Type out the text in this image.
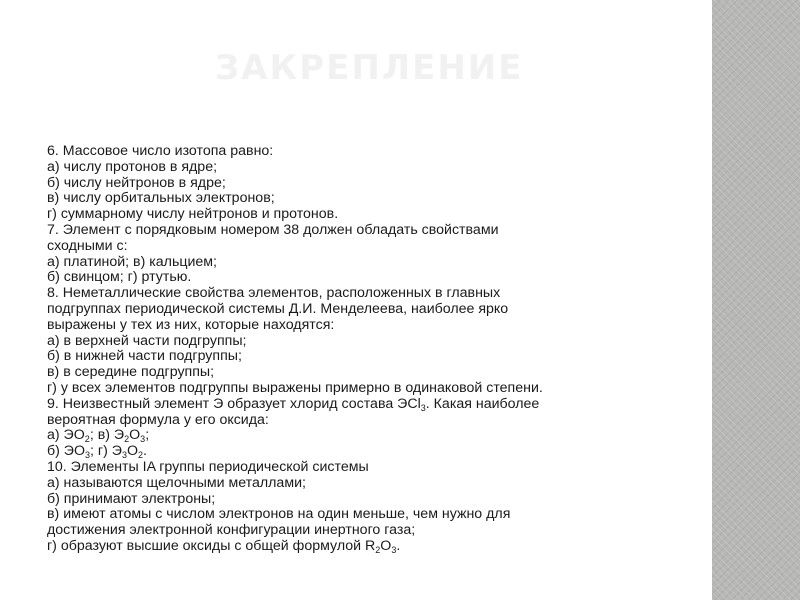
ЗАКРЕПЛЕНИЕ
6. Массовое число изотопа равно:
а) числу протонов в ядре;
б) числу нейтронов в ядре;
в) числу орбитальных электронов;
г) суммарному числу нейтронов и протонов.
7. Элемент с порядковым номером 38 должен обладать свойствами
сходными с:
а) платиной; в) кальцием;
б) свинцом; г) ртутью.
8. Неметаллические свойства элементов, расположенных в главных
подгруппах периодической системы Д.И. Менделеева, наиболее ярко
выражены у тех из них, которые находятся:
а) в верхней части подгруппы;
б) в нижней части подгруппы;
в) в середине подгруппы;
г) у всех элементов подгруппы выражены примерно в одинаковой степени.
9. Неизвестный элемент Э образует хлорид состава ЭCl$_3$. Какая наиболее
вероятная формула у его оксида:
а) $ЭО_2$; в) $Э_2O_3$;
б) $ЭО_3$; г) $Э_3O_2$.
10. Элементы IA группы периодической системы
а) называются щелочными металлами;
б) принимают электроны;
в) имеют атомы с числом электронов на один меньше, чем нужно для
достижения электронной конфигурации инертного газа;
г) образуют высшие оксиды с общей формулой $R_2O_3$.
